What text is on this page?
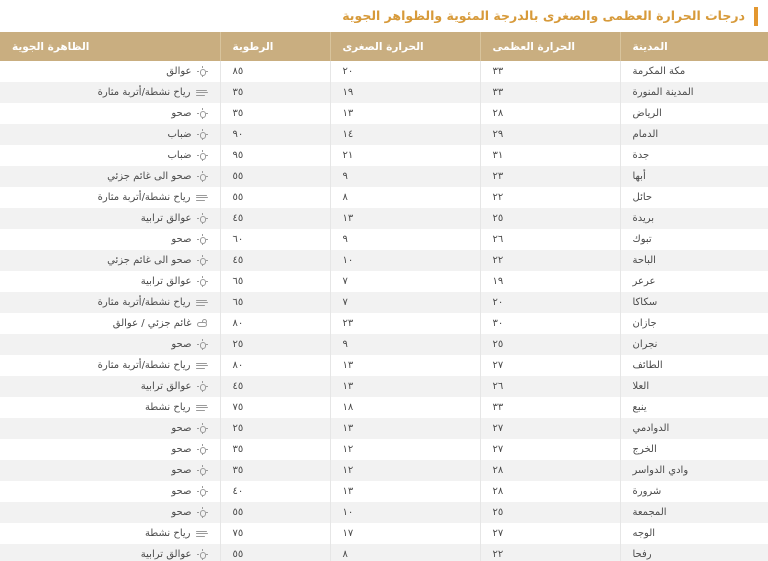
درجات الحرارة العظمى والصغرى بالدرجة المئوية والظواهر الجوية
المدينة	الحرارة العظمى	الحرارة الصغرى	الرطوبة	الظاهرة الجوية
مكة المكرمة	٣٣	٢٠	٨٥	عوالق

المدينة المنورة	٣٣	١٩	٣٥	رياح نشطة/أتربة مثارة

الرياض	٢٨	١٣	٣٥	صحو

الدمام	٢٩	١٤	٩٠	ضباب

جدة	٣١	٢١	٩٥	ضباب

أبها	٢٣	٩	٥٥	صحو الى غائم جزئي

حائل	٢٢	٨	٥٥	رياح نشطة/أتربة مثارة

بريدة	٢٥	١٣	٤٥	عوالق ترابية

تبوك	٢٦	٩	٦٠	صحو

الباحة	٢٢	١٠	٤٥	صحو الى غائم جزئي

عرعر	١٩	٧	٦٥	عوالق ترابية

سكاكا	٢٠	٧	٦٥	رياح نشطة/أتربة مثارة

جازان	٣٠	٢٣	٨٠	غائم جزئي / عوالق

نجران	٢٥	٩	٢٥	صحو

الطائف	٢٧	١٣	٨٠	رياح نشطة/أتربة مثارة

العلا	٢٦	١٣	٤٥	عوالق ترابية

ينبع	٣٣	١٨	٧٥	رياح نشطة

الدوادمي	٢٧	١٣	٢٥	صحو

الخرج	٢٧	١٢	٣٥	صحو

وادي الدواسر	٢٨	١٢	٣٥	صحو

شرورة	٢٨	١٣	٤٠	صحو

المجمعة	٢٥	١٠	٥٥	صحو

الوجه	٢٧	١٧	٧٥	رياح نشطة

رفحا	٢٢	٨	٥٥	عوالق ترابية
